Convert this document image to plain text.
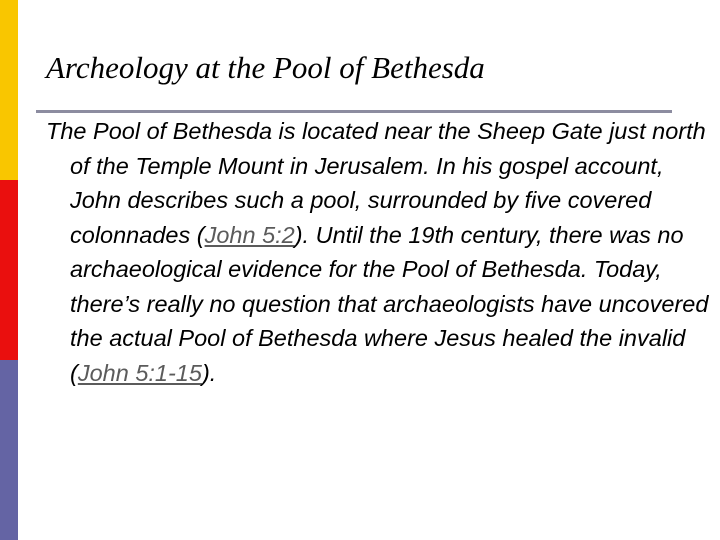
Archeology at the Pool of Bethesda

The Pool of Bethesda is located near the Sheep Gate just north of the Temple Mount in Jerusalem. In his gospel account, John describes such a pool, surrounded by five covered colonnades (John 5:2). Until the 19th century, there was no archaeological evidence for the Pool of Bethesda. Today, there’s really no question that archaeologists have uncovered the actual Pool of Bethesda where Jesus healed the invalid (John 5:1-15).
